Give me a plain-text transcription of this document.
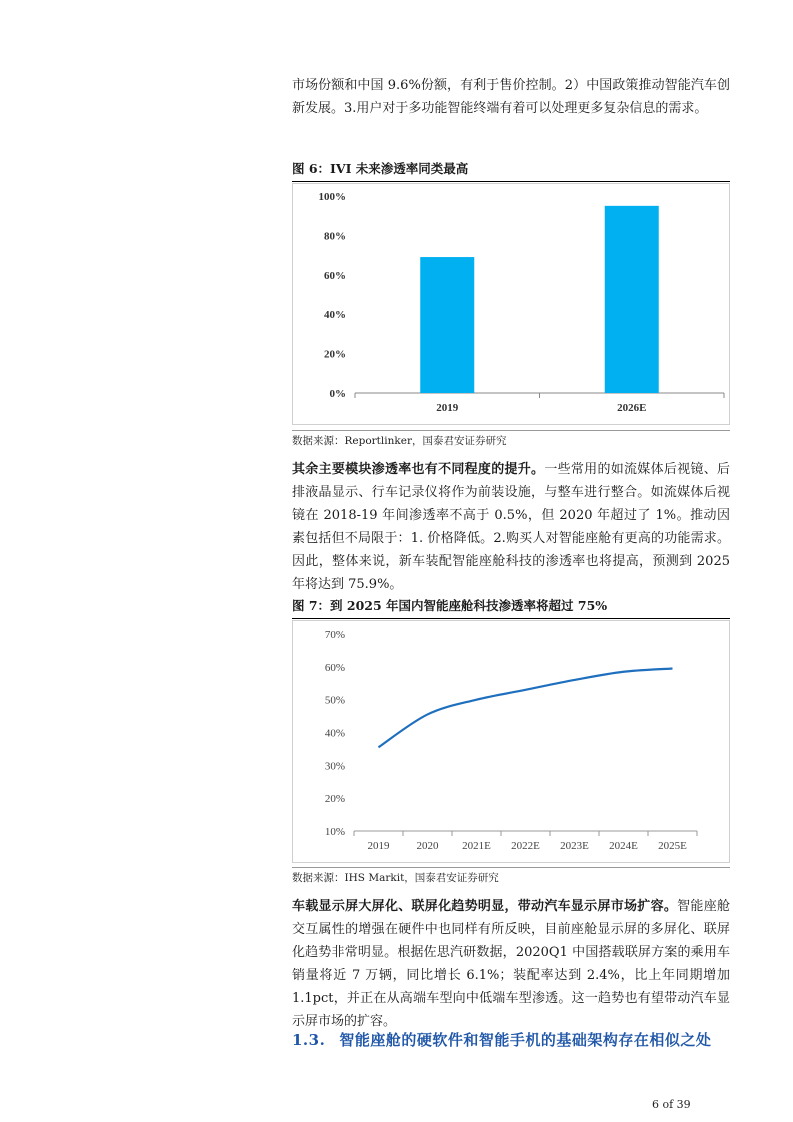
市场份额和中国 9.6%份额，有利于售价控制。2）中国政策推动智能汽车创新发展。3.用户对于多功能智能终端有着可以处理更多复杂信息的需求。

图 6：IVI 未来渗透率同类最高
0%
20%
40%
60%
80%
100%
2019	2026E
数据来源：Reportlinker，国泰君安证券研究

其余主要模块渗透率也有不同程度的提升。一些常用的如流媒体后视镜、后排液晶显示、行车记录仪将作为前装设施，与整车进行整合。如流媒体后视镜在 2018-19 年间渗透率不高于 0.5%，但 2020 年超过了 1%。推动因素包括但不局限于：1. 价格降低。2.购买人对智能座舱有更高的功能需求。因此，整体来说，新车装配智能座舱科技的渗透率也将提高，预测到 2025 年将达到 75.9%。

图 7：到 2025 年国内智能座舱科技渗透率将超过 75%
10%
20%
30%
40%
50%
60%
70%
2019 2020 2021E 2022E 2023E 2024E 2025E
数据来源：IHS Markit，国泰君安证券研究

车载显示屏大屏化、联屏化趋势明显，带动汽车显示屏市场扩容。智能座舱交互属性的增强在硬件中也同样有所反映，目前座舱显示屏的多屏化、联屏化趋势非常明显。根据佐思汽研数据，2020Q1 中国搭载联屏方案的乘用车销量将近 7 万辆，同比增长 6.1%；装配率达到 2.4%，比上年同期增加 1.1pct，并正在从高端车型向中低端车型渗透。这一趋势也有望带动汽车显示屏市场的扩容。

1.3. 智能座舱的硬软件和智能手机的基础架构存在相似之处
6 of 39
